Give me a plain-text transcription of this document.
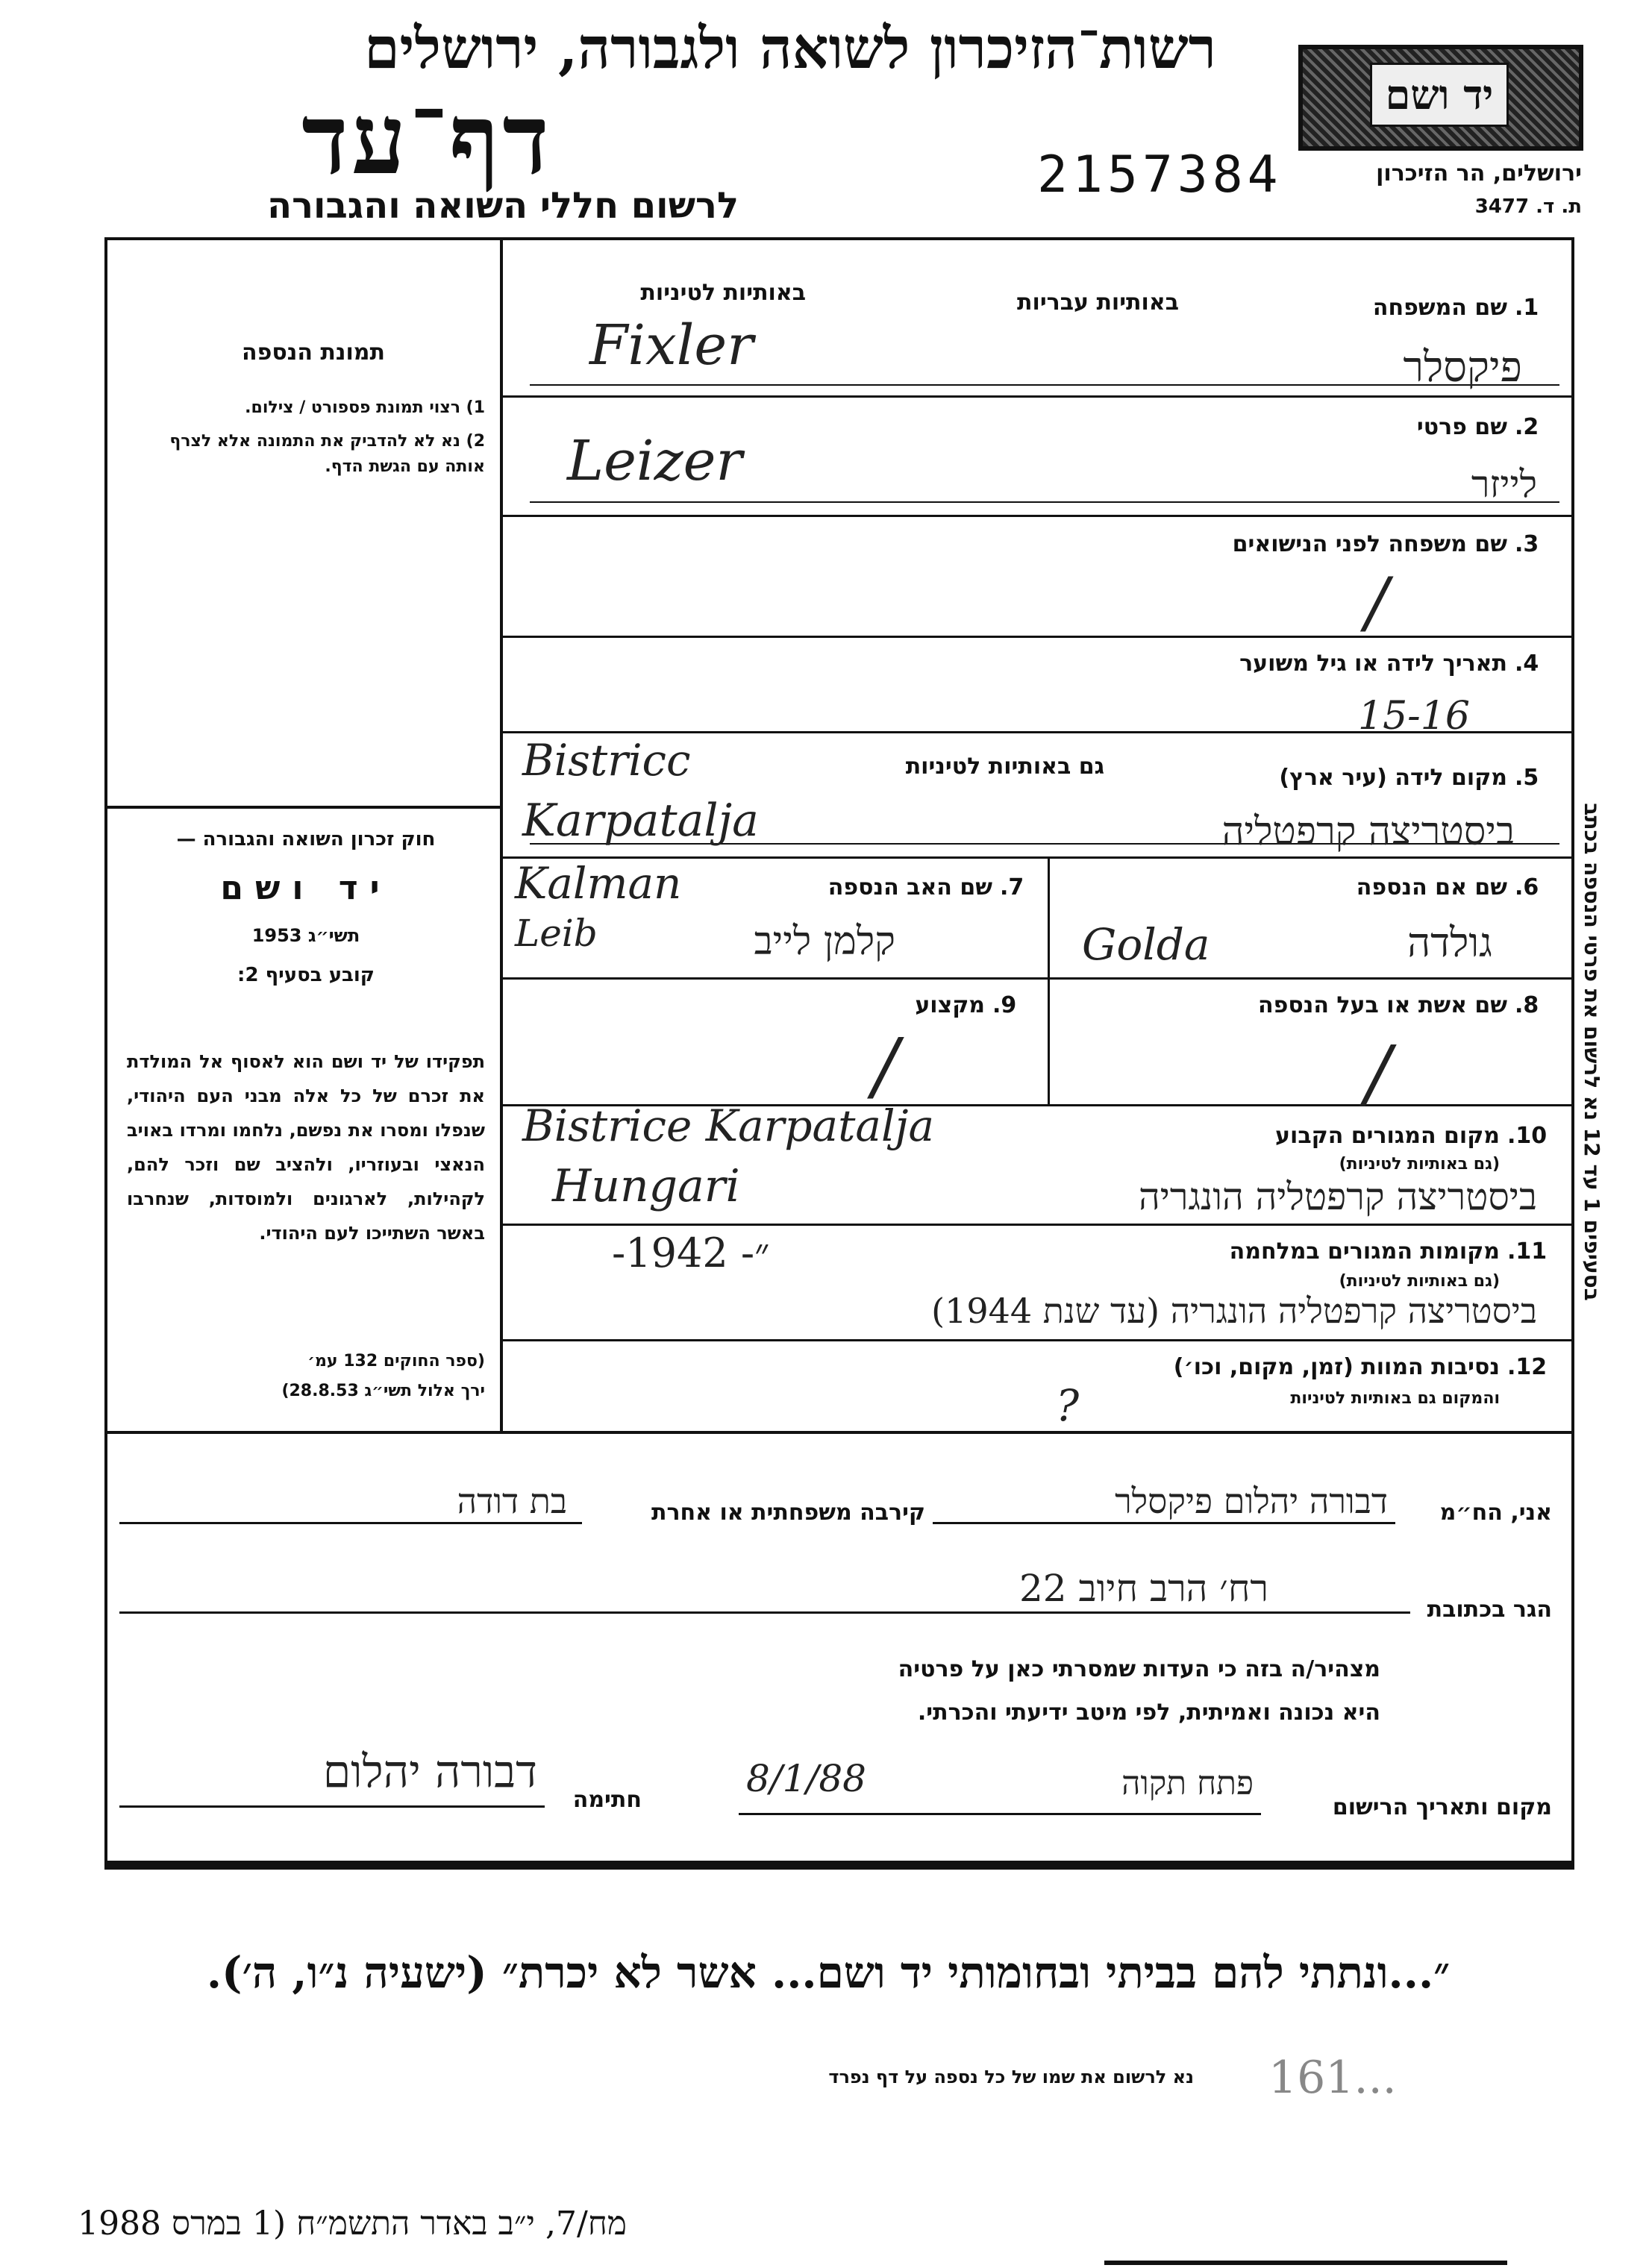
רשות־הזיכרון לשואה ולגבורה, ירושלים
דף־עד
לרשום חללי השואה והגבורה
2157384
יד ושם
ירושלים, הר הזיכרון
ת. ד. 3477
תמונת הנספה
1) רצוי תמונת פספורט / צילום.
2) נא לא להדביק את התמונה אלא לצרף אותה עם הגשת הדף.
חוק זכרון השואה והגבורה —
יד ושם
תשי״ג 1953
קובע בסעיף 2:
תפקידו של יד ושם הוא לאסוף אל המולדת את זכרם של כל אלה מבני העם היהודי, שנפלו ומסרו את נפשם, נלחמו ומרדו באויב הנאצי ובעוזריו, ולהציב שם וזכר להם, לקהילות, לארגונים ולמוסדות, שנחרבו באשר השתייכו לעם היהודי.
(ספר החוקים 132 עמ׳
ירך אלול תשי״ג 28.8.53)
1.
שם המשפחה
באותיות עבריות
באותיות לטיניות
Fixler	פיקסלר
2.
שם פרטי
Leizer	לייזר
3.
שם משפחה לפני הנישואים
/
4.
תאריך לידה או גיל משוער
15-16
5.
מקום לידה (עיר ארץ)
גם באותיות לטיניות
Bistricc
Karpatalja	ביסטריצה קרפטליה
6.
שם אם הנספה
Golda	גולדה
7.
שם האב הנספה
Kalman
Leib	קלמן לייב
8.
שם אשת או בעל הנספה
/
9.
מקצוע
/
10.
מקום המגורים הקבוע
(גם באותיות לטיניות)
Bistrice Karpatalja
Hungari	ביסטריצה קרפטליה הונגריה
11.
מקומות המגורים במלחמה
(גם באותיות לטיניות)
-״- 1942
ביסטריצה קרפטליה הונגריה (עד שנת 1944)
12.
נסיבות המוות (זמן, מקום, וכו׳)
והמקום גם באותיות לטיניות
?
אני, הח״מ
דבורה יהלום פיקסלר
קירבה משפחתית או אחרת
בת דודה
הגר בכתובת
רח׳ הרב חיוב 22
מצהיר/ה בזה כי העדות שמסרתי כאן על פרטיה
היא נכונה ואמיתית, לפי מיטב ידיעתי והכרתי.
מקום ותאריך הרישום
פתח תקוה
8/1/88
חתימה
דבורה יהלום
בסעיפים 1 עד 12 נא לרשום את פרטי הנספה בכתב
״...ונתתי להם בביתי ובחומותי יד ושם... אשר לא יכרת״ (ישעיה נ״ו, ה׳).
נא לרשום את שמו של כל נספה על דף נפרד 161...
מח/7, י״ב באדר התשמ״ח (1 במרס 1988
